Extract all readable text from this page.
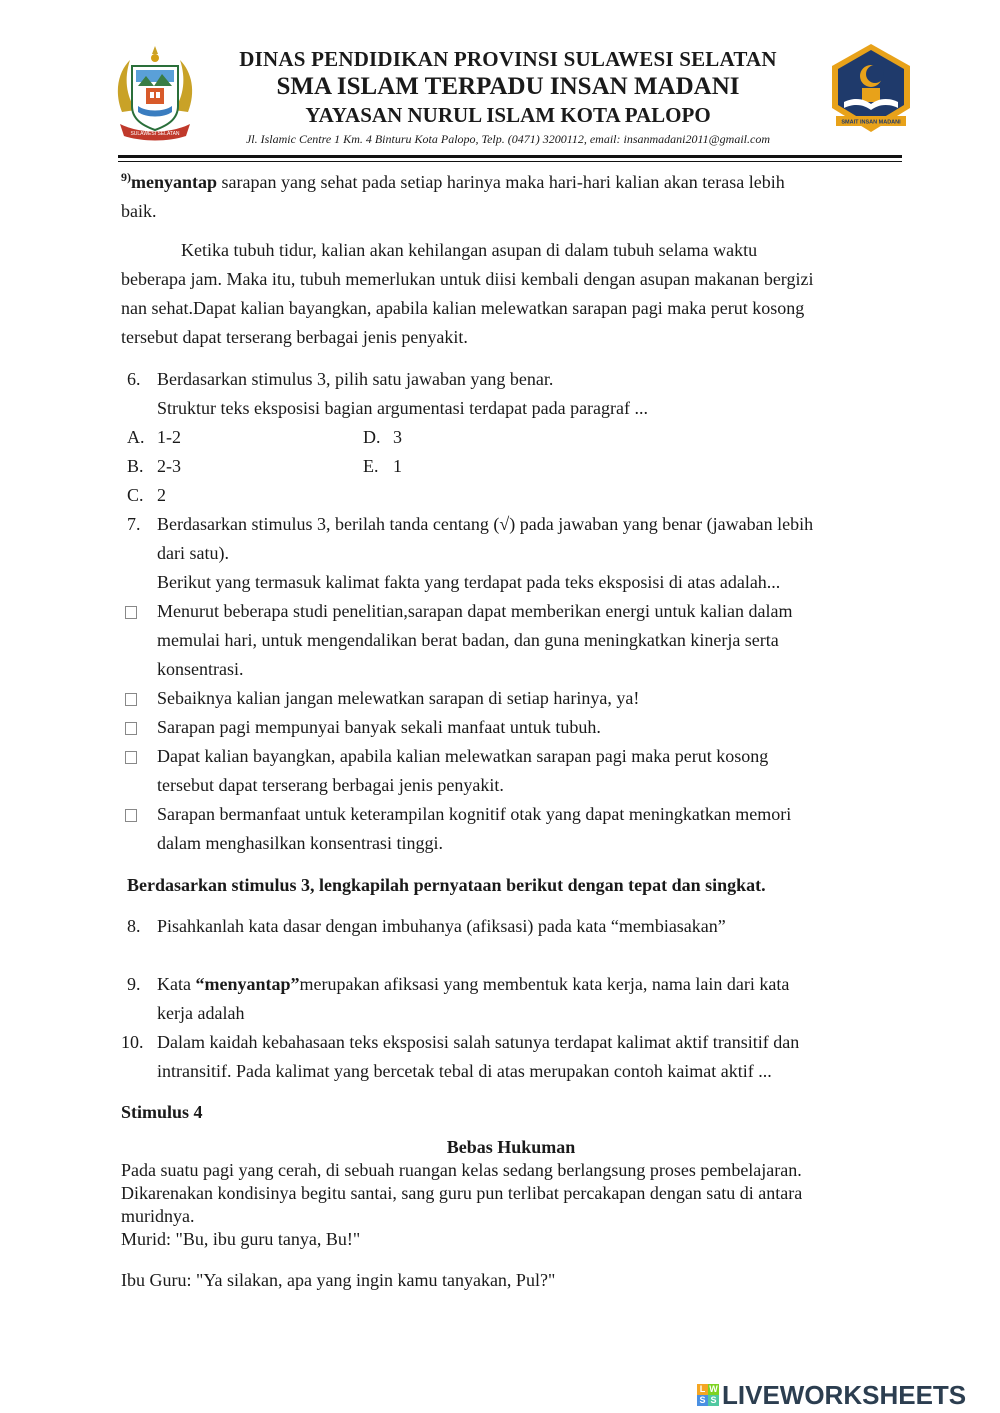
SULAWESI SELATAN
DINAS PENDIDIKAN PROVINSI SULAWESI SELATAN
SMA ISLAM TERPADU INSAN MADANI
YAYASAN NURUL ISLAM KOTA PALOPO
Jl. Islamic Centre 1 Km. 4 Binturu Kota Palopo, Telp. (0471) 3200112, email: insanmadani2011@gmail.com
SMAIT INSAN MADANI
$^{9)}$menyantap sarapan yang sehat pada setiap harinya maka hari-hari kalian akan terasa lebih
baik.
Ketika tubuh tidur, kalian akan kehilangan asupan di dalam tubuh selama waktu
beberapa jam. Maka itu, tubuh memerlukan untuk diisi kembali dengan asupan makanan bergizi
nan sehat.Dapat kalian bayangkan, apabila kalian melewatkan sarapan pagi maka perut kosong
tersebut dapat terserang berbagai jenis penyakit.
6. Berdasarkan stimulus 3, pilih satu jawaban yang benar.
Struktur teks eksposisi bagian argumentasi terdapat pada paragraf ...
A. 1-2
B. 2-3
C. 2
D. 3
E. 1
7. Berdasarkan stimulus 3, berilah tanda centang (√) pada jawaban yang benar (jawaban lebih
dari satu).
Berikut yang termasuk kalimat fakta yang terdapat pada teks eksposisi di atas adalah...
Menurut beberapa studi penelitian,sarapan dapat memberikan energi untuk kalian dalam
memulai hari, untuk mengendalikan berat badan, dan guna meningkatkan kinerja serta
konsentrasi.
Sebaiknya kalian jangan melewatkan sarapan di setiap harinya, ya!
Sarapan pagi mempunyai banyak sekali manfaat untuk tubuh.
Dapat kalian bayangkan, apabila kalian melewatkan sarapan pagi maka perut kosong
tersebut dapat terserang berbagai jenis penyakit.
Sarapan bermanfaat untuk keterampilan kognitif otak yang dapat meningkatkan memori
dalam menghasilkan konsentrasi tinggi.
Berdasarkan stimulus 3, lengkapilah pernyataan berikut dengan tepat dan singkat.
8. Pisahkanlah kata dasar dengan imbuhanya (afiksasi) pada kata “membiasakan”
9. Kata “menyantap”merupakan afiksasi yang membentuk kata kerja, nama lain dari kata
kerja adalah
10. Dalam kaidah kebahasaan teks eksposisi salah satunya terdapat kalimat aktif transitif dan
intransitif. Pada kalimat yang bercetak tebal di atas merupakan contoh kaimat aktif ...
Stimulus 4
Bebas Hukuman
Pada suatu pagi yang cerah, di sebuah ruangan kelas sedang berlangsung proses pembelajaran.
Dikarenakan kondisinya begitu santai, sang guru pun terlibat percakapan dengan satu di antara
muridnya.
Murid: "Bu, ibu guru tanya, Bu!"
Ibu Guru: "Ya silakan, apa yang ingin kamu tanyakan, Pul?"
L W
S S LIVEWORKSHEETS
